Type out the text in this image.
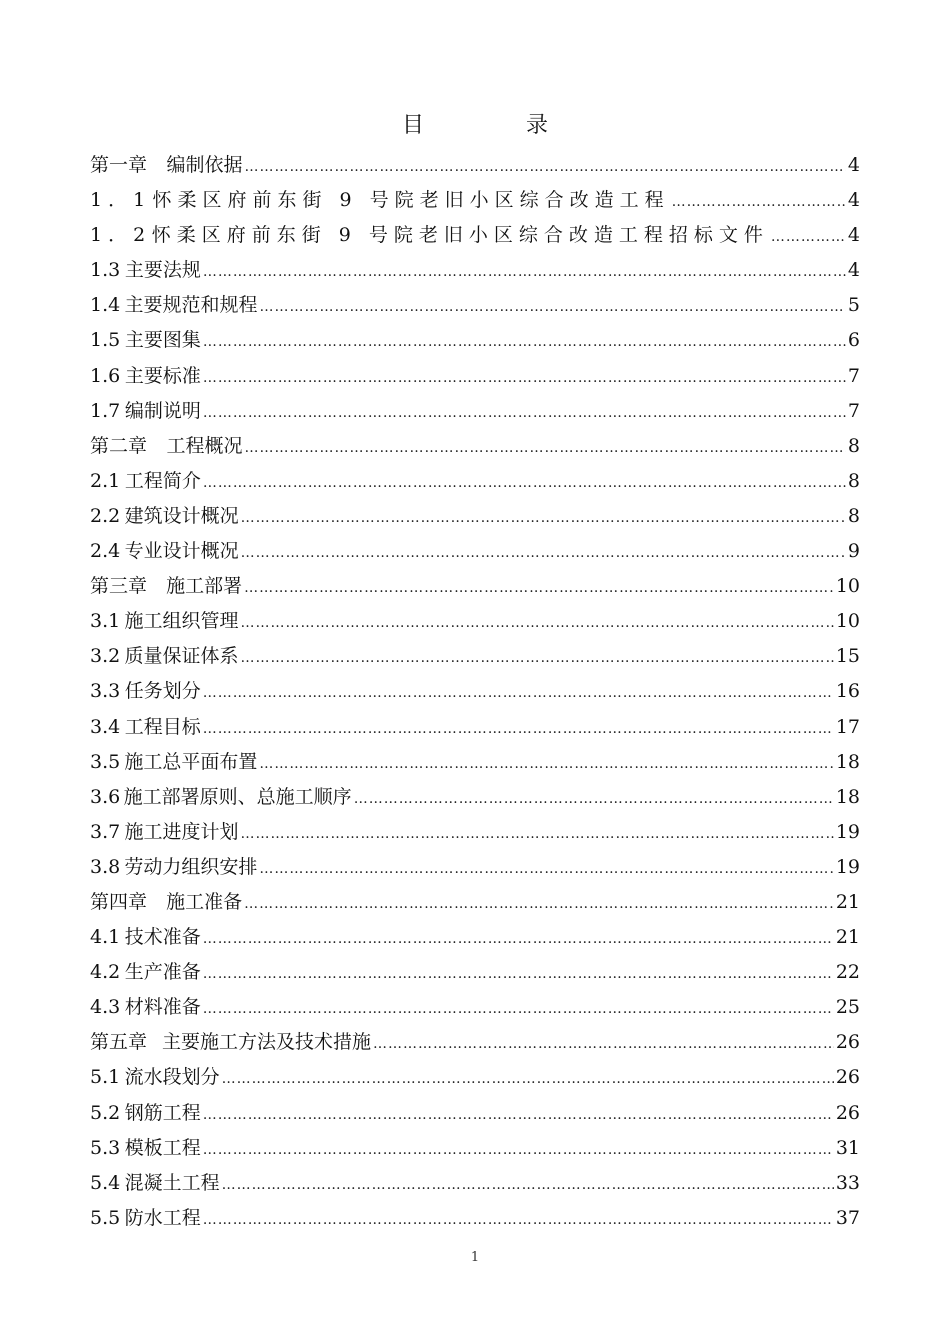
目　录
第一章 编制依据 ……………………………………………………………………………………………………………………………………………………………………………………………………	4
1．1 怀柔区府前东街 9 号院老旧小区综合改造工程 ……………………………………………………………………………………………………………………………………………………………………………………………………	4
1．2 怀柔区府前东街 9 号院老旧小区综合改造工程招标文件 ……………………………………………………………………………………………………………………………………………………………………………………………………	4
1.3 主要法规 ……………………………………………………………………………………………………………………………………………………………………………………………………	4
1.4 主要规范和规程 ……………………………………………………………………………………………………………………………………………………………………………………………………	5
1.5 主要图集 ……………………………………………………………………………………………………………………………………………………………………………………………………	6
1.6 主要标准 ……………………………………………………………………………………………………………………………………………………………………………………………………	7
1.7 编制说明 ……………………………………………………………………………………………………………………………………………………………………………………………………	7
第二章 工程概况 ……………………………………………………………………………………………………………………………………………………………………………………………………	8
2.1 工程简介 ……………………………………………………………………………………………………………………………………………………………………………………………………	8
2.2 建筑设计概况 ……………………………………………………………………………………………………………………………………………………………………………………………………	8
2.4 专业设计概况 ……………………………………………………………………………………………………………………………………………………………………………………………………	9
第三章 施工部署 ……………………………………………………………………………………………………………………………………………………………………………………………………	10
3.1 施工组织管理 ……………………………………………………………………………………………………………………………………………………………………………………………………	10
3.2 质量保证体系 ……………………………………………………………………………………………………………………………………………………………………………………………………	15
3.3 任务划分 ……………………………………………………………………………………………………………………………………………………………………………………………………	16
3.4 工程目标 ……………………………………………………………………………………………………………………………………………………………………………………………………	17
3.5 施工总平面布置 ……………………………………………………………………………………………………………………………………………………………………………………………………	18
3.6 施工部署原则、总施工顺序 ……………………………………………………………………………………………………………………………………………………………………………………………………	18
3.7 施工进度计划 ……………………………………………………………………………………………………………………………………………………………………………………………………	19
3.8 劳动力组织安排 ……………………………………………………………………………………………………………………………………………………………………………………………………	19
第四章 施工准备 ……………………………………………………………………………………………………………………………………………………………………………………………………	21
4.1 技术准备 ……………………………………………………………………………………………………………………………………………………………………………………………………	21
4.2 生产准备 ……………………………………………………………………………………………………………………………………………………………………………………………………	22
4.3 材料准备 ……………………………………………………………………………………………………………………………………………………………………………………………………	25
第五章 主要施工方法及技术措施 ……………………………………………………………………………………………………………………………………………………………………………………………………	26
5.1 流水段划分 ……………………………………………………………………………………………………………………………………………………………………………………………………	26
5.2 钢筋工程 ……………………………………………………………………………………………………………………………………………………………………………………………………	26
5.3 模板工程 ……………………………………………………………………………………………………………………………………………………………………………………………………	31
5.4 混凝土工程 ……………………………………………………………………………………………………………………………………………………………………………………………………	33
5.5 防水工程 ……………………………………………………………………………………………………………………………………………………………………………………………………	37
1
